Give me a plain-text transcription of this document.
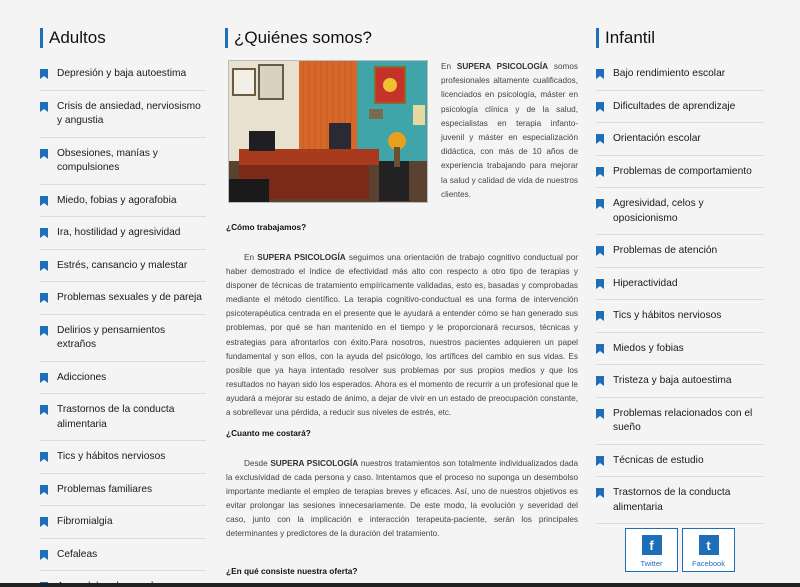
Adultos
Depresión y baja autoestima
Crisis de ansiedad, nerviosismo y angustia
Obsesiones, manías y compulsiones
Miedo, fobias y agorafobia
Ira, hostilidad y agresividad
Estrés, cansancio y malestar
Problemas sexuales y de pareja
Delirios y pensamientos extraños
Adicciones
Trastornos de la conducta alimentaria
Tics y hábitos nerviosos
Problemas familiares
Fibromialgia
Cefaleas
¿Quiénes somos?

En SUPERA PSICOLOGÍA somos profesionales altamente cualificados, licenciados en psicología, máster en psicología clínica y de la salud, especialistas en terapia infanto-juvenil y máster en especialización didáctica, con más de 10 años de experiencia trabajando para mejorar la salud y calidad de vida de nuestros clientes.

¿Cómo trabajamos?

En SUPERA PSICOLOGÍA seguimos una orientación de trabajo cognitivo conductual por haber demostrado el índice de efectividad más alto con respecto a otro tipo de terapias y disponer de técnicas de tratamiento empíricamente validadas, esto es, basadas y comprobadas mediante el método científico. La terapia cognitivo-conductual es una forma de intervención psicoterapéutica centrada en el presente que le ayudará a entender cómo se han generado sus problemas, por qué se han mantenido en el tiempo y le proporcionará recursos, técnicas y estrategias para afrontarlos con éxito.Para nosotros, nuestros pacientes adquieren un papel fundamental y son ellos, con la ayuda del psicólogo, los artífices del cambio en sus vidas. Es posible que ya haya intentado resolver sus problemas por sus propios medios y que los resultados no hayan sido los esperados. Ahora es el momento de recurrir a un profesional que le ayudará a mejorar su estado de ánimo, a dejar de vivir en un estado de preocupación constante, a sobrellevar una pérdida, a reducir sus niveles de estrés, etc.

¿Cuanto me costará?

Desde SUPERA PSICOLOGÍA nuestros tratamientos son totalmente individualizados dada la exclusividad de cada persona y caso. Intentamos que el proceso no suponga un desembolso importante mediante el empleo de terapias breves y eficaces. Así, uno de nuestros objetivos es evitar prolongar las sesiones innecesariamente. De este modo, la evolución y severidad del caso, junto con la implicación e interacción terapeuta-paciente, serán los principales determinantes y predictores de la duración del tratamiento.

¿En qué consiste nuestra oferta?
Infantil
Bajo rendimiento escolar
Dificultades de aprendizaje
Orientación escolar
Problemas de comportamiento
Agresividad, celos y oposicionismo
Problemas de atención
Hiperactividad
Tics y hábitos nerviosos
Miedos y fobias
Tristeza y baja autoestima
Problemas relacionados con el sueño
Técnicas de estudio
Trastornos de la conducta alimentaria
f
Twitter
t
Facebook
